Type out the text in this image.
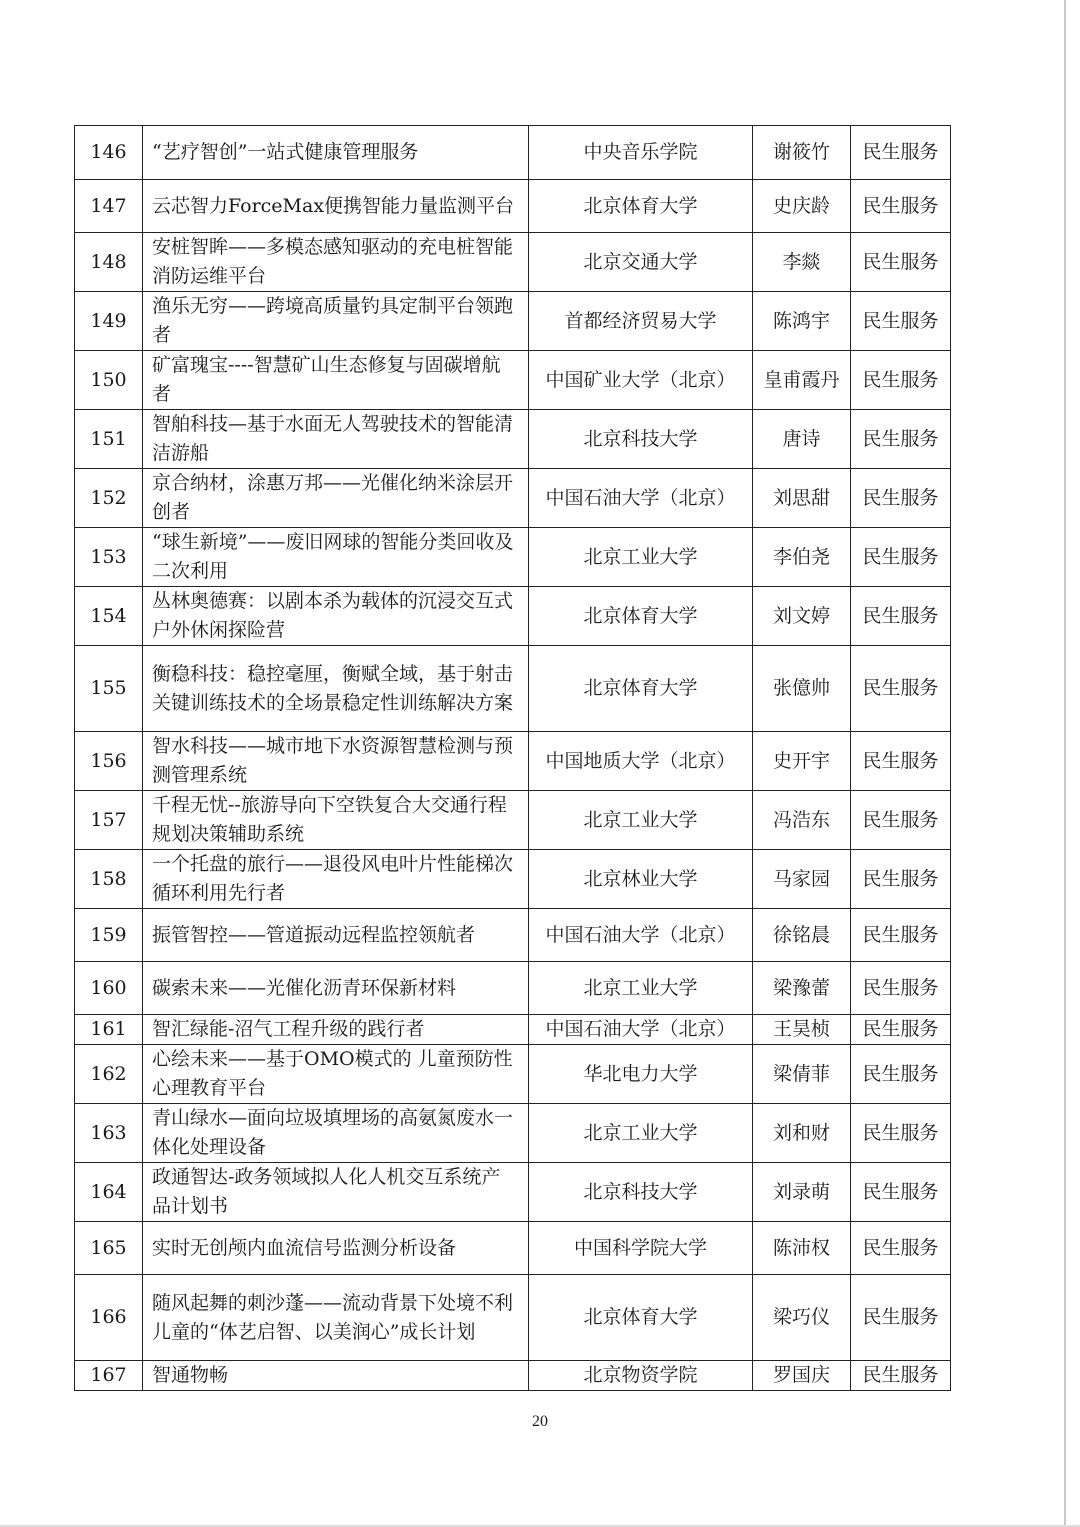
146	“艺疗智创”一站式健康管理服务	中央音乐学院	谢筱竹	民生服务
147	云芯智力ForceMax便携智能力量监测平台	北京体育大学	史庆龄	民生服务
148	安桩智眸——多模态感知驱动的充电桩智能消防运维平台	北京交通大学	李燚	民生服务
149	渔乐无穷——跨境高质量钓具定制平台领跑者	首都经济贸易大学	陈鸿宇	民生服务
150	矿富瑰宝----智慧矿山生态修复与固碳增航者	中国矿业大学（北京）	皇甫霞丹	民生服务
151	智舶科技—基于水面无人驾驶技术的智能清洁游船	北京科技大学	唐诗	民生服务
152	京合纳材，涂惠万邦——光催化纳米涂层开创者	中国石油大学（北京）	刘思甜	民生服务
153	“球生新境”——废旧网球的智能分类回收及二次利用	北京工业大学	李伯尧	民生服务
154	丛林奥德赛：以剧本杀为载体的沉浸交互式户外休闲探险营	北京体育大学	刘文婷	民生服务
155	衡稳科技：稳控毫厘，衡赋全域，基于射击关键训练技术的全场景稳定性训练解决方案	北京体育大学	张億帅	民生服务
156	智水科技——城市地下水资源智慧检测与预测管理系统	中国地质大学（北京）	史开宇	民生服务
157	千程无忧--旅游导向下空铁复合大交通行程规划决策辅助系统	北京工业大学	冯浩东	民生服务
158	一个托盘的旅行——退役风电叶片性能梯次循环利用先行者	北京林业大学	马家园	民生服务
159	振管智控——管道振动远程监控领航者	中国石油大学（北京）	徐铭晨	民生服务
160	碳索未来——光催化沥青环保新材料	北京工业大学	梁豫蕾	民生服务
161	智汇绿能-沼气工程升级的践行者	中国石油大学（北京）	王昊桢	民生服务
162	心绘未来——基于OMO模式的 儿童预防性心理教育平台	华北电力大学	梁倩菲	民生服务
163	青山绿水—面向垃圾填埋场的高氨氮废水一体化处理设备	北京工业大学	刘和财	民生服务
164	政通智达-政务领域拟人化人机交互系统产品计划书	北京科技大学	刘录萌	民生服务
165	实时无创颅内血流信号监测分析设备	中国科学院大学	陈沛权	民生服务
166	随风起舞的刺沙蓬——流动背景下处境不利儿童的“体艺启智、以美润心”成长计划	北京体育大学	梁巧仪	民生服务
167	智通物畅	北京物资学院	罗国庆	民生服务
20
